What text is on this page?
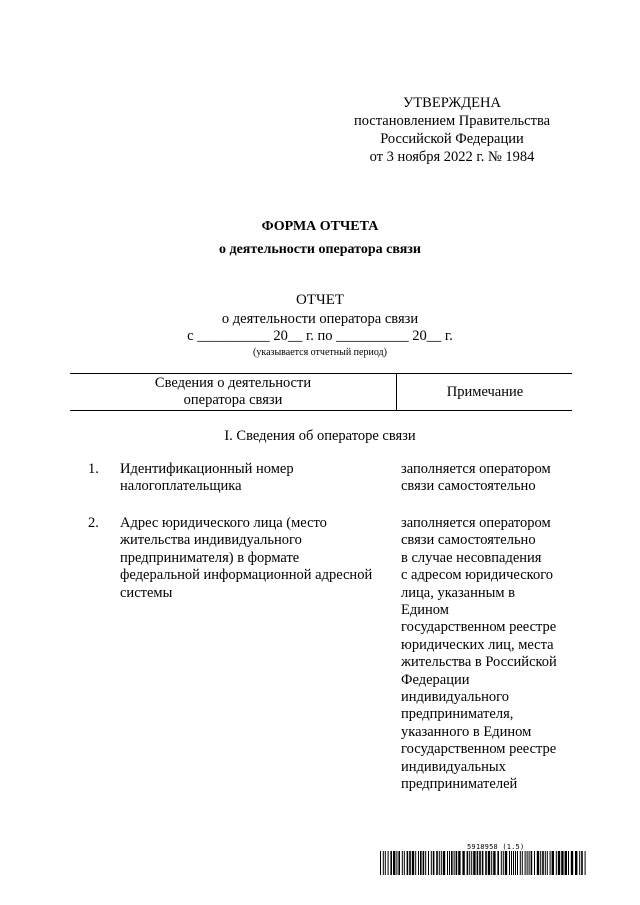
УТВЕРЖДЕНА
постановлением Правительства
Российской Федерации
от 3 ноября 2022 г. № 1984
ФОРМА ОТЧЕТА
о деятельности оператора связи
ОТЧЕТ
о деятельности оператора связи
с __________ 20__ г. по __________ 20__ г.
(указывается отчетный период)
Сведения о деятельности
оператора связи	Примечание
I. Сведения об операторе связи
1. Идентификационный номер
налогоплательщика
заполняется оператором
связи самостоятельно
2. Адрес юридического лица (место
жительства индивидуального
предпринимателя) в формате
федеральной информационной адресной
системы
заполняется оператором
связи самостоятельно
в случае несовпадения
с адресом юридического
лица, указанным в
Едином
государственном реестре
юридических лиц, места
жительства в Российской
Федерации
индивидуального
предпринимателя,
указанного в Едином
государственном реестре
индивидуальных
предпринимателей
5918958 (1.5)
